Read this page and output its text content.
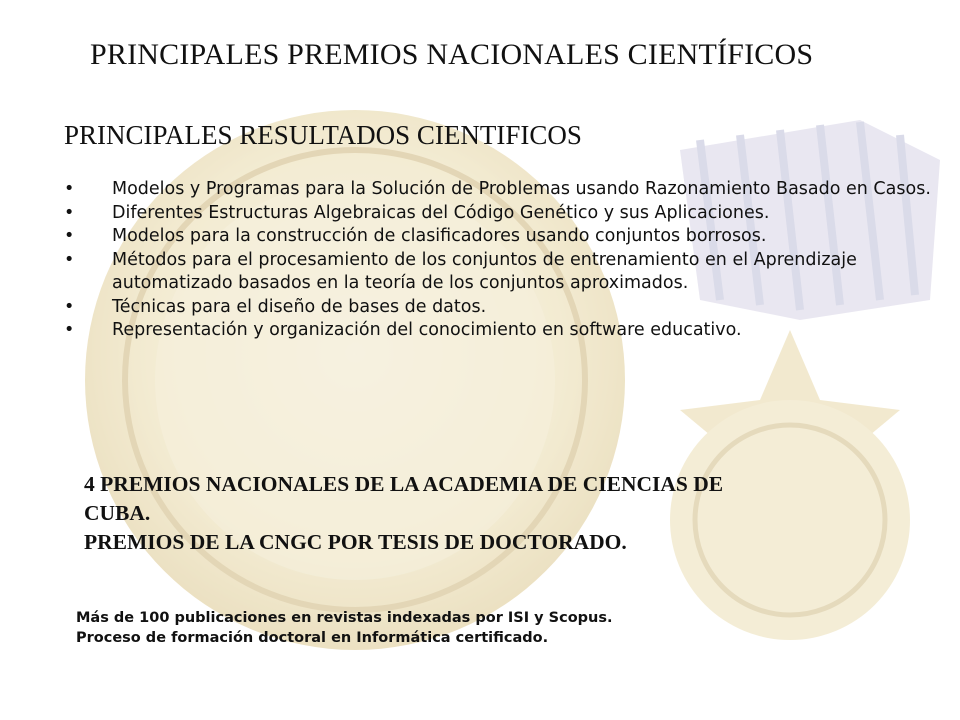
PRINCIPALES PREMIOS NACIONALES CIENTÍFICOS
PRINCIPALES RESULTADOS CIENTIFICOS
• Modelos y Programas para la Solución de Problemas usando Razonamiento Basado en Casos.
• Diferentes Estructuras Algebraicas del Código Genético y sus Aplicaciones.
• Modelos para la construcción de clasificadores usando conjuntos borrosos.
• Métodos para el procesamiento de los conjuntos de entrenamiento en el Aprendizaje automatizado basados en la teoría de los conjuntos aproximados.
• Técnicas para el diseño de bases de datos.
• Representación y organización del conocimiento en software educativo.
4 PREMIOS NACIONALES DE LA ACADEMIA DE CIENCIAS DE
CUBA.
PREMIOS DE LA CNGC POR TESIS DE DOCTORADO.
Más de 100 publicaciones en revistas indexadas por ISI y Scopus.
Proceso de formación doctoral en Informática certificado.
